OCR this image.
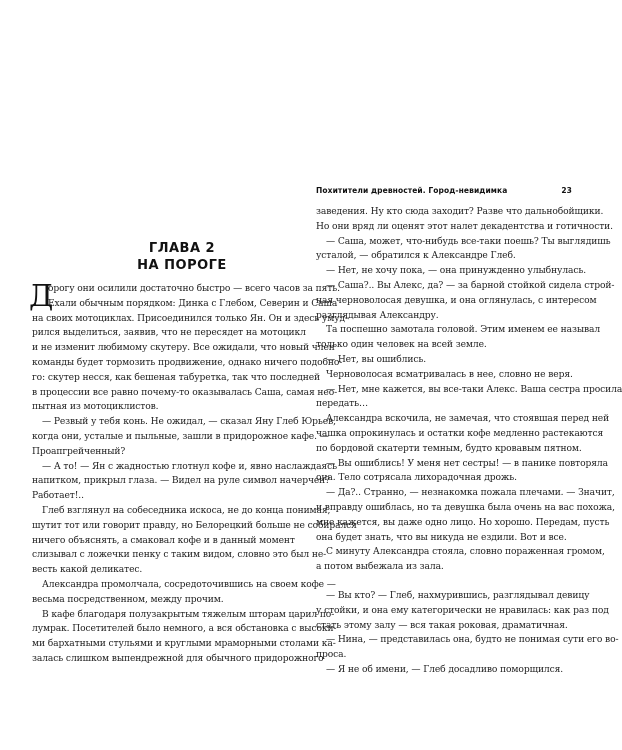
ГЛАВА 2
НА ПОРОГЕ
Д
орогу они осилили достаточно быстро — всего часов за пять.
Ехали обычным порядком: Динка с Глебом, Северин и Саша
на своих мотоциклах. Присоединился только Ян. Он и здесь умуд-
рился выделиться, заявив, что не пересядет на мотоцикл
и не изменит любимому скутеру. Все ожидали, что новый член
команды будет тормозить продвижение, однако ничего подобно-
го: скутер несся, как бешеная табуретка, так что последней
в процессии все равно почему-то оказывалась Саша, самая нео-
пытная из мотоциклистов.
— Резвый у тебя конь. Не ожидал, — сказал Яну Глеб Юрьев,
когда они, усталые и пыльные, зашли в придорожное кафе. —
Проапгрейченный?
— А то! — Ян с жадностью глотнул кофе и, явно наслаждаясь
напитком, прикрыл глаза. — Видел на руле символ начерчен?
Работает!..
Глеб взглянул на собеседника искоса, не до конца понимая,
шутит тот или говорит правду, но Белорецкий больше не собирался
ничего объяснять, а смаковал кофе и в данный момент
слизывал с ложечки пенку с таким видом, словно это был не-
весть какой деликатес.
Александра промолчала, сосредоточившись на своем кофе —
весьма посредственном, между прочим.
В кафе благодаря полузакрытым тяжелым шторам царил по-
лумрак. Посетителей было немного, а вся обстановка с высоки-
ми бархатными стульями и круглыми мраморными столами ка-
залась слишком выпендрежной для обычного придорожного
Похитители древностей. Город-невидимка	23
заведения. Ну кто сюда заходит? Разве что дальнобойщики.
Но они вряд ли оценят этот налет декадентства и готичности.
— Саша, может, что-нибудь все-таки поешь? Ты выглядишь
усталой, — обратился к Александре Глеб.
— Нет, не хочу пока, — она принужденно улыбнулась.
— Саша?.. Вы Алекс, да? — за барной стойкой сидела строй-
ная черноволосая девушка, и она оглянулась, с интересом
разглядывая Александру.
Та поспешно замотала головой. Этим именем ее называл
только один человек на всей земле.
— Нет, вы ошиблись.
Черноволосая всматривалась в нее, словно не веря.
— Нет, мне кажется, вы все-таки Алекс. Ваша сестра просила
передать…
Александра вскочила, не замечая, что стоявшая перед ней
чашка опрокинулась и остатки кофе медленно растекаются
по бордовой скатерти темным, будто кровавым пятном.
— Вы ошиблись! У меня нет сестры! — в панике повторяла
она. Тело сотрясала лихорадочная дрожь.
— Да?.. Странно, — незнакомка пожала плечами. — Значит,
и вправду ошиблась, но та девушка была очень на вас похожа,
мне кажется, вы даже одно лицо. Но хорошо. Передам, пусть
она будет знать, что вы никуда не ездили. Вот и все.
С минуту Александра стояла, словно пораженная громом,
а потом выбежала из зала.
— Вы кто? — Глеб, нахмурившись, разглядывал девицу
у стойки, и она ему категорически не нравилась: как раз под
стать этому залу — вся такая роковая, драматичная.
— Нина, — представилась она, будто не понимая сути его во-
проса.
— Я не об имени, — Глеб досадливо поморщился.
